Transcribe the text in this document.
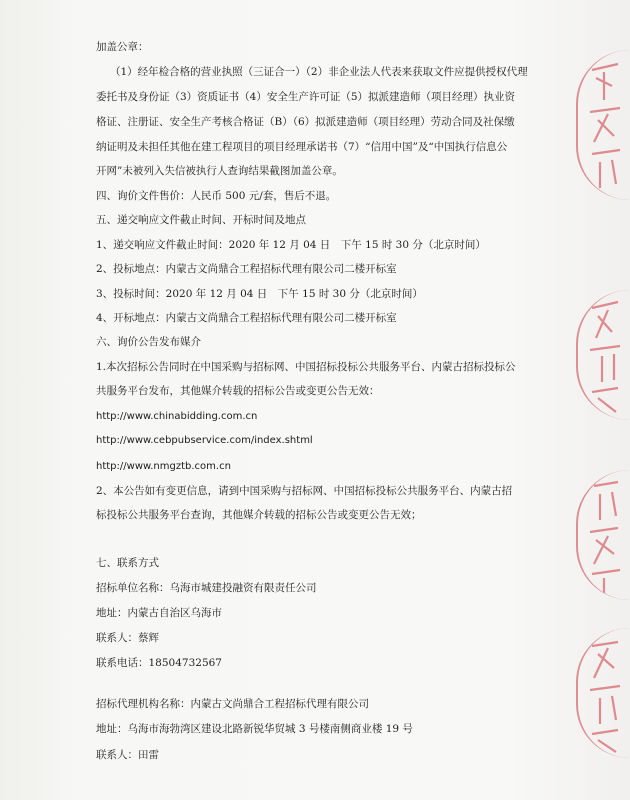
加盖公章：
（1）经年检合格的营业执照（三证合一）（2）非企业法人代表来获取文件应提供授权代理
委托书及身份证（3）资质证书（4）安全生产许可证（5）拟派建造师（项目经理）执业资
格证、注册证、安全生产考核合格证（B）（6）拟派建造师（项目经理）劳动合同及社保缴
纳证明及未担任其他在建工程项目的项目经理承诺书（7）“信用中国”及“中国执行信息公
开网”未被列入失信被执行人查询结果截图加盖公章。
四、询价文件售价：人民币 500 元/套，售后不退。
五、递交响应文件截止时间、开标时间及地点
1、递交响应文件截止时间：2020 年 12 月 04 日　下午 15 时 30 分（北京时间）
2、投标地点：内蒙古文尚鼎合工程招标代理有限公司二楼开标室
3、投标时间：2020 年 12 月 04 日　下午 15 时 30 分（北京时间）
4、开标地点：内蒙古文尚鼎合工程招标代理有限公司二楼开标室
六、询价公告发布媒介
1.本次招标公告同时在中国采购与招标网、中国招标投标公共服务平台、内蒙古招标投标公
共服务平台发布，其他媒介转载的招标公告或变更公告无效：
http://www.chinabidding.com.cn
http://www.cebpubservice.com/index.shtml
http://www.nmgztb.com.cn
2、本公告如有变更信息，请到中国采购与招标网、中国招标投标公共服务平台、内蒙古招
标投标公共服务平台查询，其他媒介转载的招标公告或变更公告无效；
七、联系方式
招标单位名称：乌海市城建投融资有限责任公司
地址：内蒙古自治区乌海市
联系人：蔡辉
联系电话：18504732567
招标代理机构名称：内蒙古文尚鼎合工程招标代理有限公司
地址：乌海市海勃湾区建设北路新锐华贸城 3 号楼南侧商业楼 19 号
联系人：田雷
